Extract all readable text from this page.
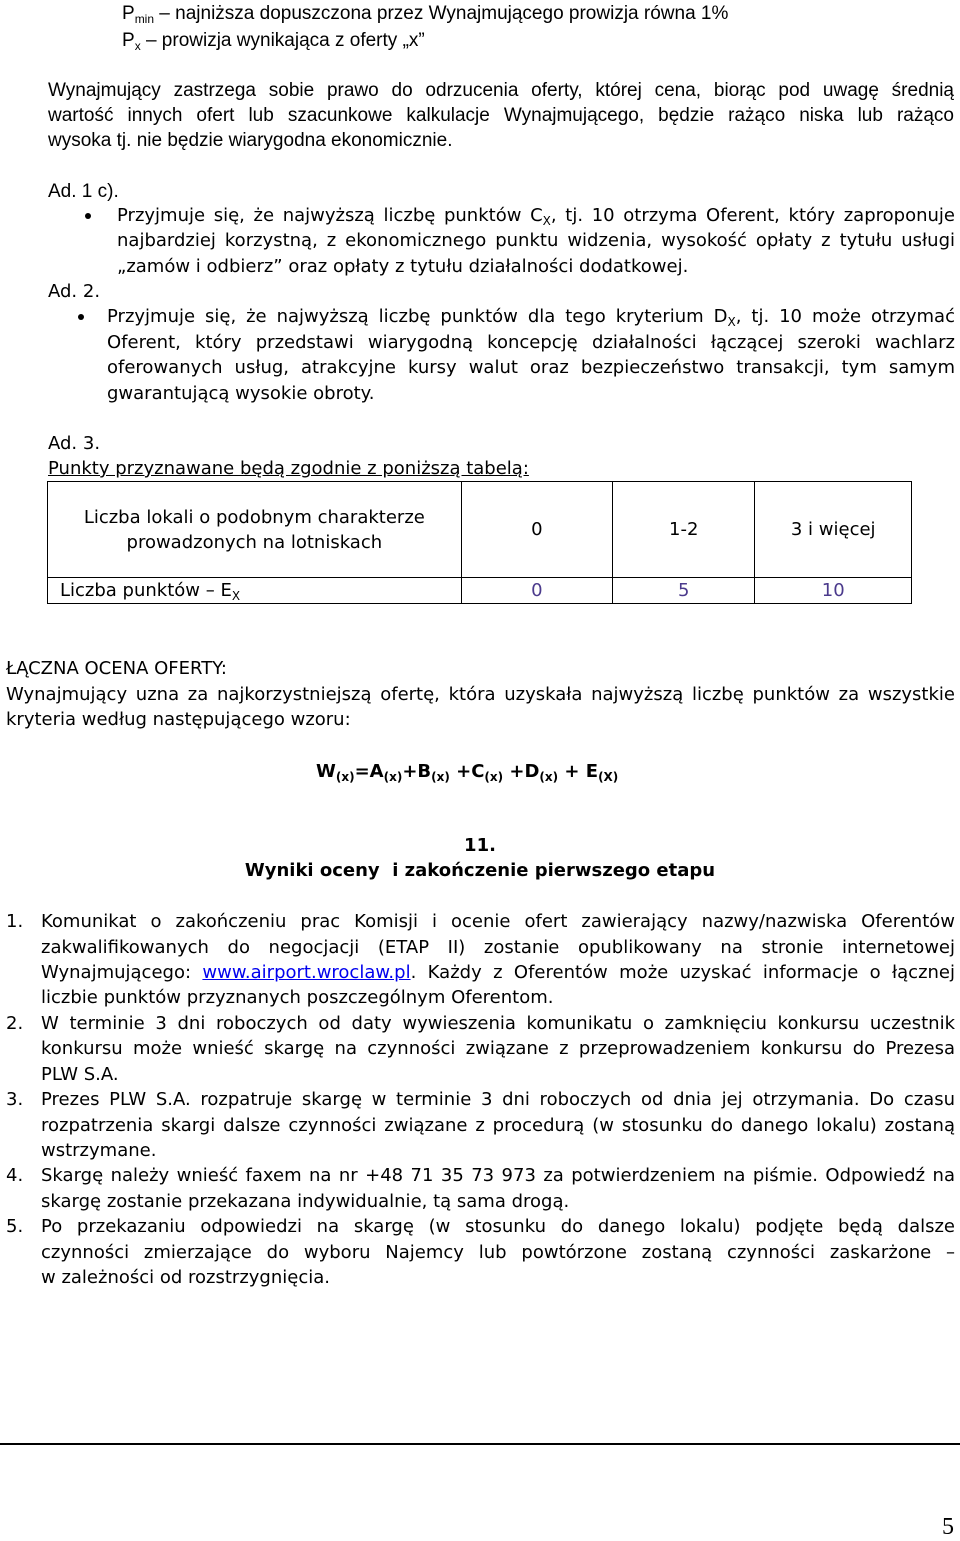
$P_{min}$ – najniższa dopuszczona przez Wynajmującego prowizja równa 1%
$P_x$ – prowizja wynikająca z oferty „x”
Wynajmujący zastrzega sobie prawo do odrzucenia oferty, której cena, biorąc pod uwagę średnią
wartość innych ofert lub szacunkowe kalkulacje Wynajmującego, będzie rażąco niska lub rażąco
wysoka tj. nie będzie wiarygodna ekonomicznie.
Ad. 1 c).
Przyjmuje się, że najwyższą liczbę punktów $C_X$, tj. 10 otrzyma Oferent, który zaproponuje
najbardziej korzystną, z ekonomicznego punktu widzenia, wysokość opłaty z tytułu usługi
„zamów i odbierz” oraz opłaty z tytułu działalności dodatkowej.
Ad. 2.
Przyjmuje się, że najwyższą liczbę punktów dla tego kryterium $D_X$, tj. 10 może otrzymać
Oferent, który przedstawi wiarygodną koncepcję działalności łączącej szeroki wachlarz
oferowanych usług, atrakcyjne kursy walut oraz bezpieczeństwo transakcji, tym samym
gwarantującą wysokie obroty.
Ad. 3.
Punkty przyznawane będą zgodnie z poniższą tabelą:
Liczba lokali o podobnym charakterze
prowadzonych na lotniskach	0	1-2	3 i więcej
Liczba punktów – $E_X$	0	5	10
ŁĄCZNA OCENA OFERTY:
Wynajmujący uzna za najkorzystniejszą ofertę, która uzyskała najwyższą liczbę punktów za wszystkie
kryteria według następującego wzoru:
$W_{(x)}=A_{(x)}+B_{(x)} +C_{(x)} +D_{(x)} + E_{(X)}$
11.
Wyniki oceny  i zakończenie pierwszego etapu
1. Komunikat o zakończeniu prac Komisji i ocenie ofert zawierający nazwy/nazwiska Oferentów
zakwalifikowanych do negocjacji (ETAP II) zostanie opublikowany na stronie internetowej
Wynajmującego: www.airport.wroclaw.pl. Każdy z Oferentów może uzyskać informacje o łącznej
liczbie punktów przyznanych poszczególnym Oferentom.
2. W terminie 3 dni roboczych od daty wywieszenia komunikatu o zamknięciu konkursu uczestnik
konkursu może wnieść skargę na czynności związane z przeprowadzeniem konkursu do Prezesa
PLW S.A.
3. Prezes PLW S.A. rozpatruje skargę w terminie 3 dni roboczych od dnia jej otrzymania. Do czasu
rozpatrzenia skargi dalsze czynności związane z procedurą (w stosunku do danego lokalu) zostaną
wstrzymane.
4. Skargę należy wnieść faxem na nr +48 71 35 73 973 za potwierdzeniem na piśmie. Odpowiedź na
skargę zostanie przekazana indywidualnie, tą sama drogą.
5. Po przekazaniu odpowiedzi na skargę (w stosunku do danego lokalu) podjęte będą dalsze
czynności zmierzające do wyboru Najemcy lub powtórzone zostaną czynności zaskarżone –
w zależności od rozstrzygnięcia.
5
